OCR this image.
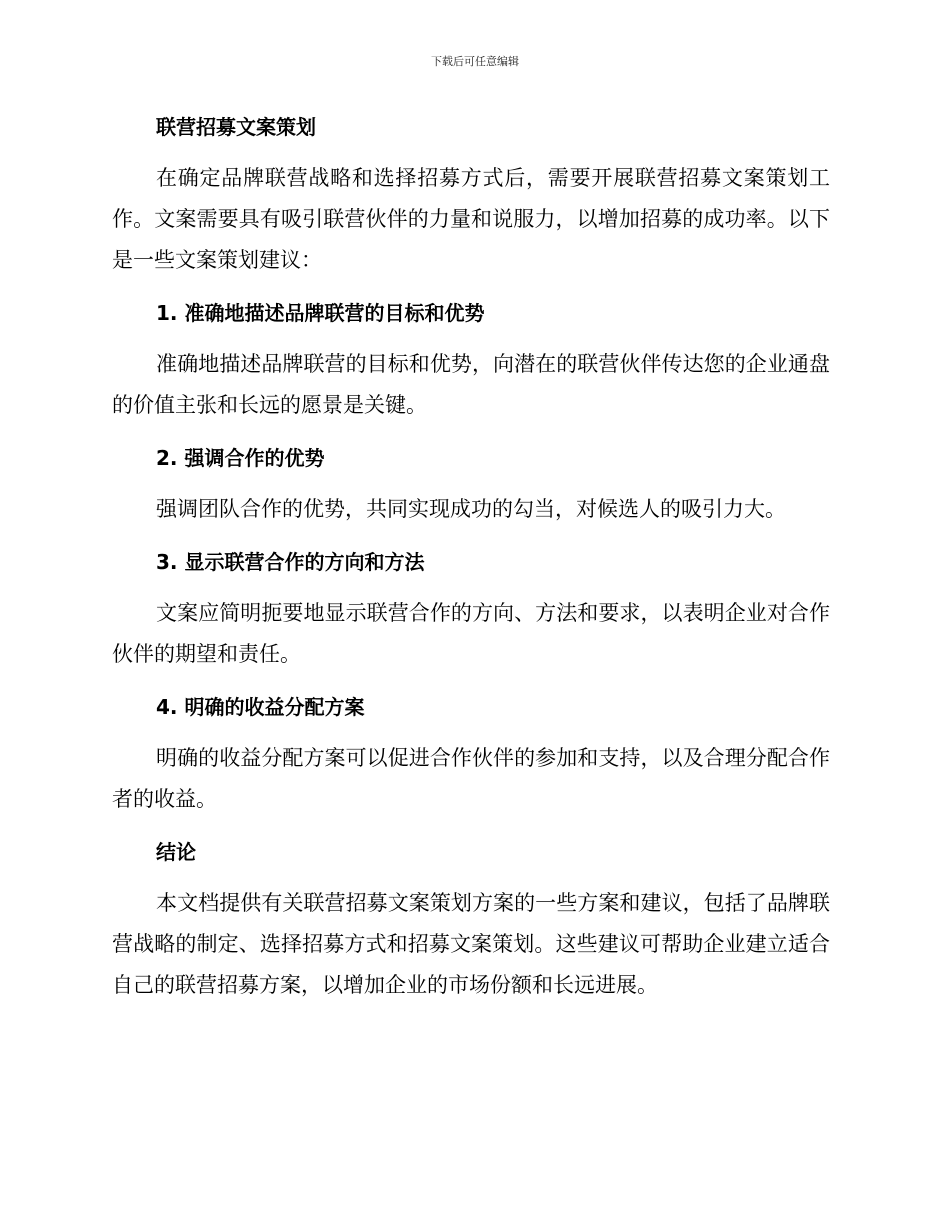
下载后可任意编辑
联营招募文案策划

在确定品牌联营战略和选择招募方式后，需要开展联营招募文案策划工作。文案需要具有吸引联营伙伴的力量和说服力，以增加招募的成功率。以下是一些文案策划建议：

1. 准确地描述品牌联营的目标和优势

准确地描述品牌联营的目标和优势，向潜在的联营伙伴传达您的企业通盘的价值主张和长远的愿景是关键。

2. 强调合作的优势

强调团队合作的优势，共同实现成功的勾当，对候选人的吸引力大。

3. 显示联营合作的方向和方法

文案应简明扼要地显示联营合作的方向、方法和要求，以表明企业对合作伙伴的期望和责任。

4. 明确的收益分配方案

明确的收益分配方案可以促进合作伙伴的参加和支持，以及合理分配合作者的收益。

结论

本文档提供有关联营招募文案策划方案的一些方案和建议，包括了品牌联营战略的制定、选择招募方式和招募文案策划。这些建议可帮助企业建立适合自己的联营招募方案，以增加企业的市场份额和长远进展。
